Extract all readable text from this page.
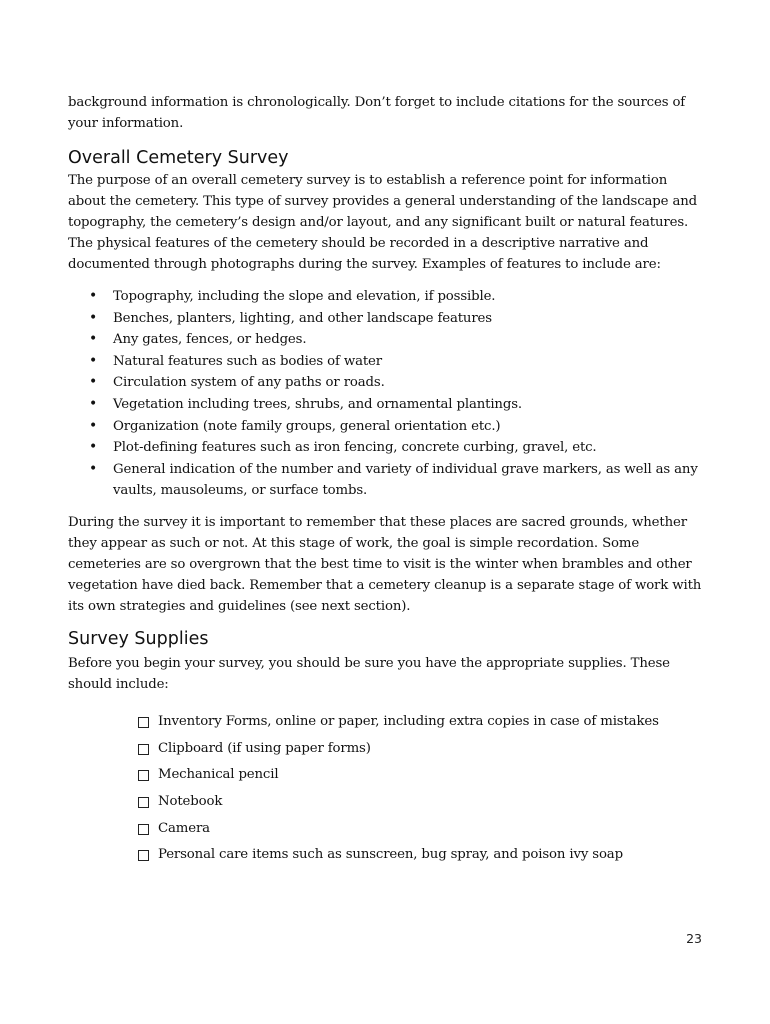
background information is chronologically. Don’t forget to include citations for the sources of your information.

Overall Cemetery Survey

The purpose of an overall cemetery survey is to establish a reference point for information about the cemetery. This type of survey provides a general understanding of the landscape and topography, the cemetery’s design and/or layout, and any significant built or natural features. The physical features of the cemetery should be recorded in a descriptive narrative and documented through photographs during the survey. Examples of features to include are:

• Topography, including the slope and elevation, if possible.
• Benches, planters, lighting, and other landscape features
• Any gates, fences, or hedges.
• Natural features such as bodies of water
• Circulation system of any paths or roads.
• Vegetation including trees, shrubs, and ornamental plantings.
• Organization (note family groups, general orientation etc.)
• Plot-defining features such as iron fencing, concrete curbing, gravel, etc.
• General indication of the number and variety of individual grave markers, as well as any vaults, mausoleums, or surface tombs.

During the survey it is important to remember that these places are sacred grounds, whether they appear as such or not. At this stage of work, the goal is simple recordation. Some cemeteries are so overgrown that the best time to visit is the winter when brambles and other vegetation have died back. Remember that a cemetery cleanup is a separate stage of work with its own strategies and guidelines (see next section).

Survey Supplies

Before you begin your survey, you should be sure you have the appropriate supplies. These should include:

Inventory Forms, online or paper, including extra copies in case of mistakes
Clipboard (if using paper forms)
Mechanical pencil
Notebook
Camera
Personal care items such as sunscreen, bug spray, and poison ivy soap
23
